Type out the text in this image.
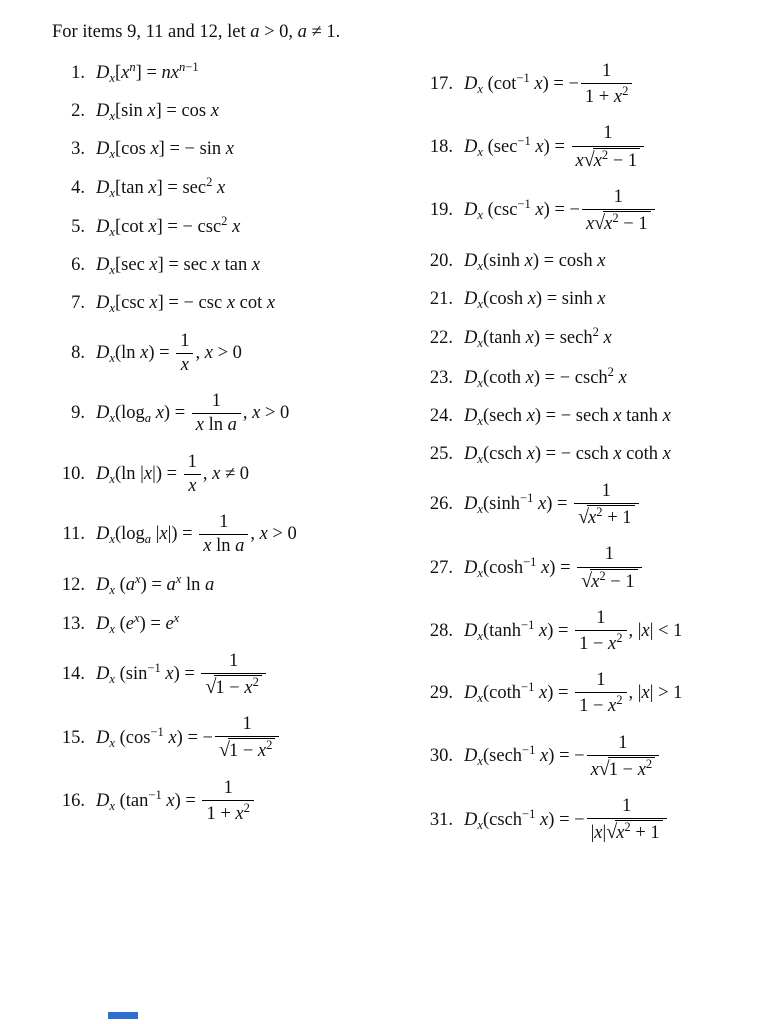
For items 9, 11 and 12, let a > 0, a ≠ 1.
1. $D_x[x^n] = nx^{n-1}$
2. $D_x[\sin$ x] = cos x
3. $D_x[\cos$ x] = − sin x
4. $D_x[\tan$ $x] = \sec^2 x$
5. $D_x[\cot$ x] = − $\csc^2 x$
6. $D_x[\sec$ x] = sec x tan x
7. $D_x[\csc$ x] = − csc x cot x
8. $D_x(\ln$ $x) = \frac{1}{x}$ , x > 0
9. $D_x(\log_a$ $x) = \frac{1}{\text{x ln a}}$ , x > 0
10. $D_x(\ln$ $|x|) = \frac{1}{x}$ , x ≠ 0
11. $D_x(\log_a$ $|x|) = \frac{1}{\text{x ln a}}$ , x > 0
12. $D_x$ $(a^x) = a^x$ ln a
13. $D_x$ $(e^x) = e^x$
14. $D_x$ ($\sin^{-1}$ $x) = \frac{1}{√1 - x^2}$
15. $D_x$ ($\cos^{-1}$ x) = − $\frac{1}{√1 - x^2}$
16. $D_x$ ($\tan^{-1}$ $x) = \frac{1}{1 + x^2}$
17. $D_x$ ($\cot^{-1}$ x) = − $\frac{1}{1 + x^2}$
18. $D_x$ ($\sec^{-1}$ $x) = \frac{1}{x√x^2 - 1}$
19. $D_x$ ($\csc^{-1}$ x) = − $\frac{1}{x√x^2 - 1}$
20. $D_x(\sinh$ x) = cosh x
21. $D_x(\cosh$ x) = sinh x
22. $D_x(\tanh$ x) = sech$^2$ x
23. $D_x(\cot h$ x) = − csch$^2$ x
24. $D_x(\sec h$ x) = − sech x tanh x
25. $D_x(\csc h$ x) = − csch x coth x
26. $D_x(\sinh^{-1}$ $x) = \frac{1}{√x^2 + 1}$
27. $D_x(\cosh^{-1}$ $x) = \frac{1}{√x^2 - 1}$
28. $D_x(\tanh^{-1}$ $x) = \frac{1}{1 - x^2}$ , |x| < 1
29. $D_x(\cot h^{-1}$ $x) = \frac{1}{1 - x^2}$ , |x| > 1
30. $D_x(\sec h^{-1}$ x) = − $\frac{1}{x√1 - x^2}$
31. $D_x(\csc h^{-1}$ x) = − $\frac{1}{|x|√x^2 + 1}$
